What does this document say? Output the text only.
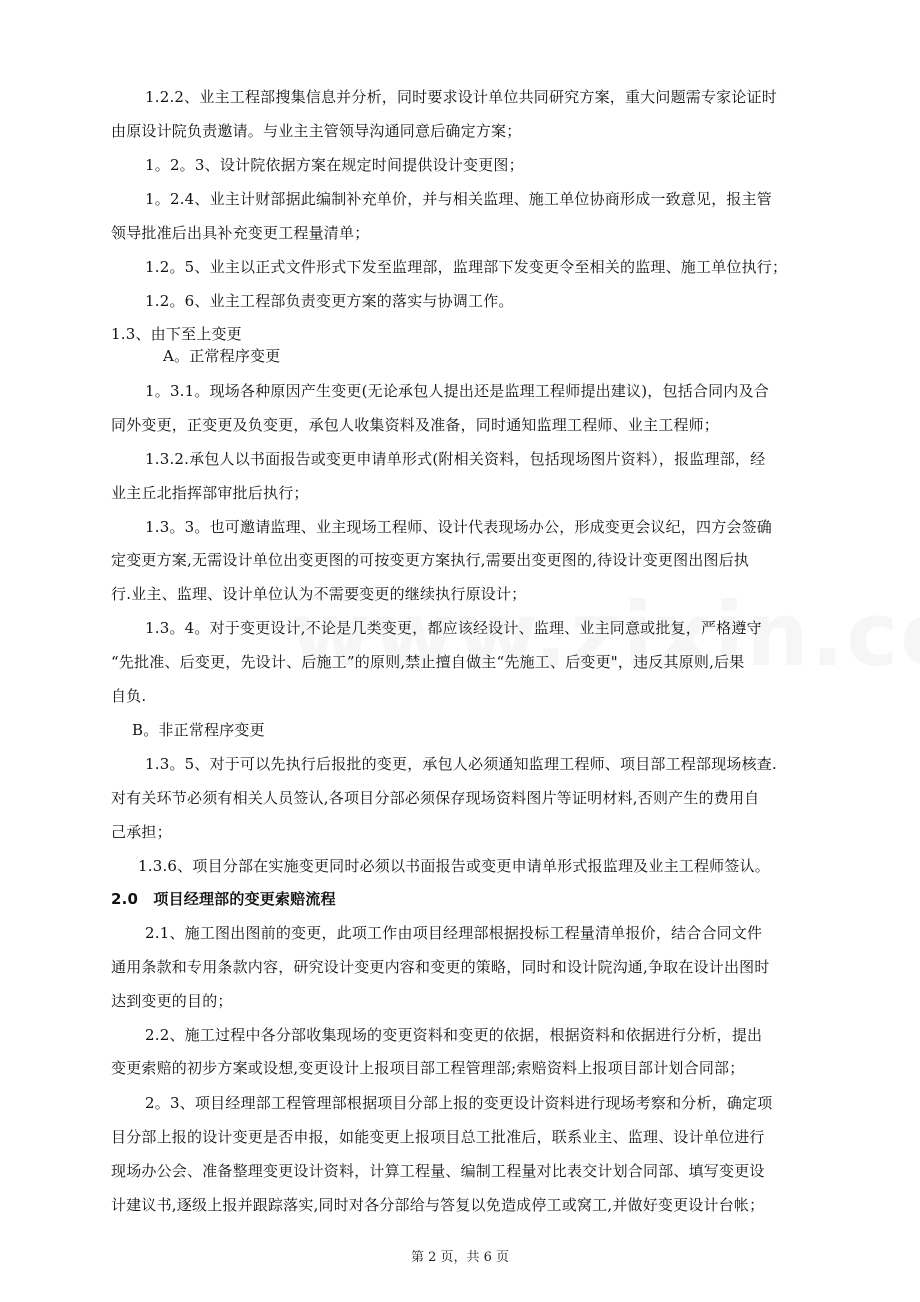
1.2.2、业主工程部搜集信息并分析，同时要求设计单位共同研究方案，重大问题需专家论证时
由原设计院负责邀请。与业主主管领导沟通同意后确定方案；
1。2。3、设计院依据方案在规定时间提供设计变更图；
1。2.4、业主计财部据此编制补充单价，并与相关监理、施工单位协商形成一致意见，报主管
领导批准后出具补充变更工程量清单；
1.2。5、业主以正式文件形式下发至监理部，监理部下发变更令至相关的监理、施工单位执行；
1.2。6、业主工程部负责变更方案的落实与协调工作。
1.3、由下至上变更
A。正常程序变更
1。3.1。现场各种原因产生变更(无论承包人提出还是监理工程师提出建议)，包括合同内及合
同外变更，正变更及负变更，承包人收集资料及准备，同时通知监理工程师、业主工程师；
1.3.2.承包人以书面报告或变更申请单形式(附相关资料，包括现场图片资料），报监理部，经
业主丘北指挥部审批后执行；
1.3。3。也可邀请监理、业主现场工程师、设计代表现场办公，形成变更会议纪，四方会签确
定变更方案,无需设计单位出变更图的可按变更方案执行,需要出变更图的,待设计变更图出图后执
行.业主、监理、设计单位认为不需要变更的继续执行原设计；
1.3。4。对于变更设计,不论是几类变更，都应该经设计、监理、业主同意或批复，严格遵守
“先批准、后变更，先设计、后施工”的原则,禁止擅自做主“先施工、后变更"，违反其原则,后果
自负.
B。非正常程序变更
1.3。5、对于可以先执行后报批的变更，承包人必须通知监理工程师、项目部工程部现场核查.
对有关环节必须有相关人员签认,各项目分部必须保存现场资料图片等证明材料,否则产生的费用自
己承担；
1.3.6、项目分部在实施变更同时必须以书面报告或变更申请单形式报监理及业主工程师签认。
2.0　项目经理部的变更索赔流程
2.1、施工图出图前的变更，此项工作由项目经理部根据投标工程量清单报价，结合合同文件
通用条款和专用条款内容，研究设计变更内容和变更的策略，同时和设计院沟通,争取在设计出图时
达到变更的目的；
2.2、施工过程中各分部收集现场的变更资料和变更的依据，根据资料和依据进行分析，提出
变更索赔的初步方案或设想,变更设计上报项目部工程管理部;索赔资料上报项目部计划合同部；
2。3、项目经理部工程管理部根据项目分部上报的变更设计资料进行现场考察和分析，确定项
目分部上报的设计变更是否申报，如能变更上报项目总工批准后，联系业主、监理、设计单位进行
现场办公会、准备整理变更设计资料，计算工程量、编制工程量对比表交计划合同部、填写变更设
计建议书,逐级上报并跟踪落实,同时对各分部给与答复以免造成停工或窝工,并做好变更设计台帐；
第 2 页，共 6 页
